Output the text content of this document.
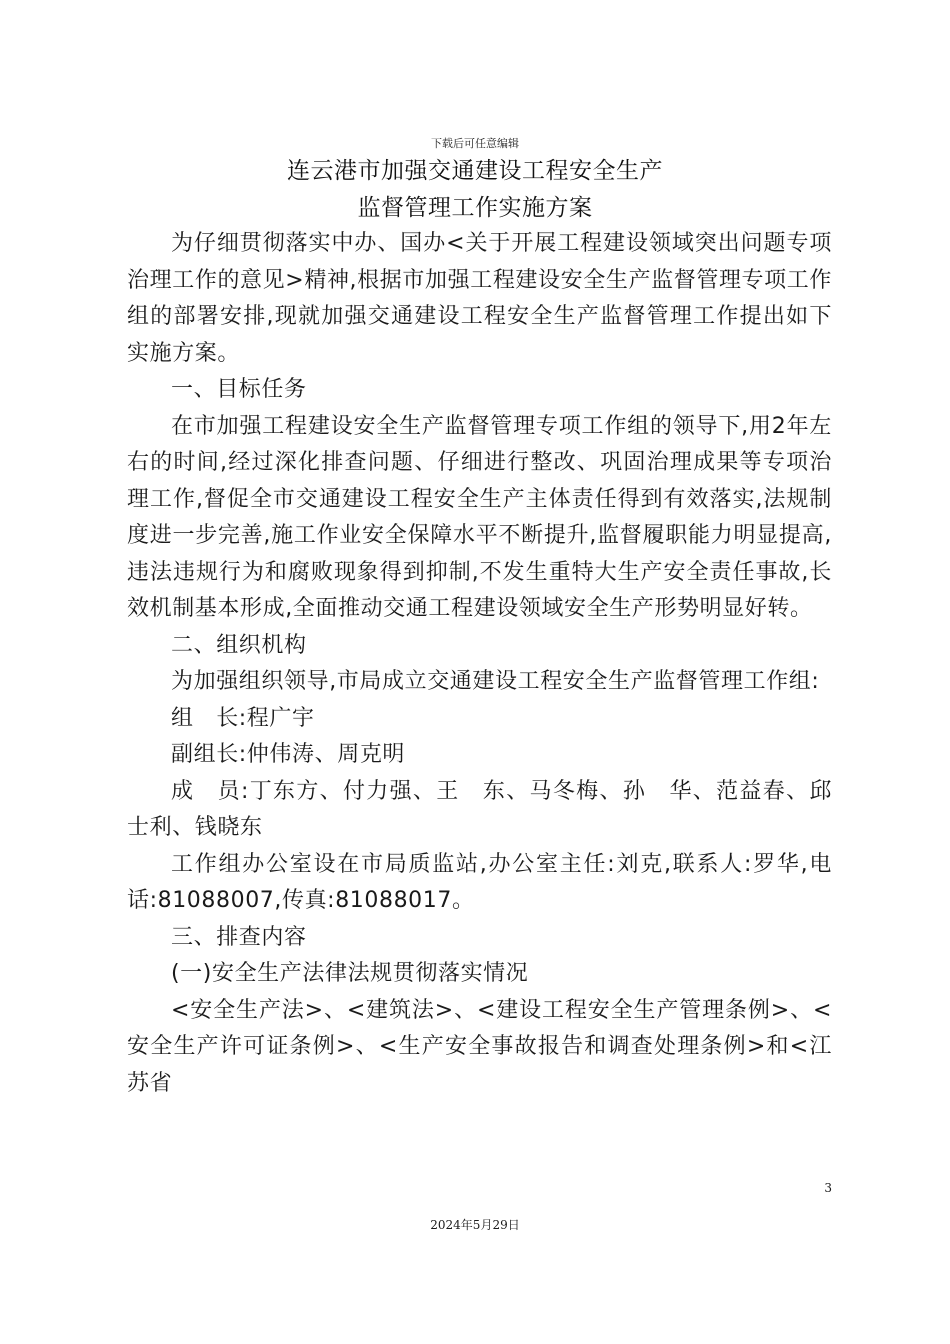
下载后可任意编辑
连云港市加强交通建设工程安全生产
监督管理工作实施方案

为仔细贯彻落实中办、国办<关于开展工程建设领域突出问题专项治理工作的意见>精神,根据市加强工程建设安全生产监督管理专项工作组的部署安排,现就加强交通建设工程安全生产监督管理工作提出如下实施方案。

一、目标任务

在市加强工程建设安全生产监督管理专项工作组的领导下,用2年左右的时间,经过深化排查问题、仔细进行整改、巩固治理成果等专项治理工作,督促全市交通建设工程安全生产主体责任得到有效落实,法规制度进一步完善,施工作业安全保障水平不断提升,监督履职能力明显提高,违法违规行为和腐败现象得到抑制,不发生重特大生产安全责任事故,长效机制基本形成,全面推动交通工程建设领域安全生产形势明显好转。

二、组织机构

为加强组织领导,市局成立交通建设工程安全生产监督管理工作组:

组　长:程广宇

副组长:仲伟涛、周克明

成　员:丁东方、付力强、王　东、马冬梅、孙　华、范益春、邱士利、钱晓东

工作组办公室设在市局质监站,办公室主任:刘克,联系人:罗华,电话:81088007,传真:81088017。

三、排查内容

(一)安全生产法律法规贯彻落实情况

<安全生产法>、<建筑法>、<建设工程安全生产管理条例>、<安全生产许可证条例>、<生产安全事故报告和调查处理条例>和<江苏省

3
2024年5月29日
